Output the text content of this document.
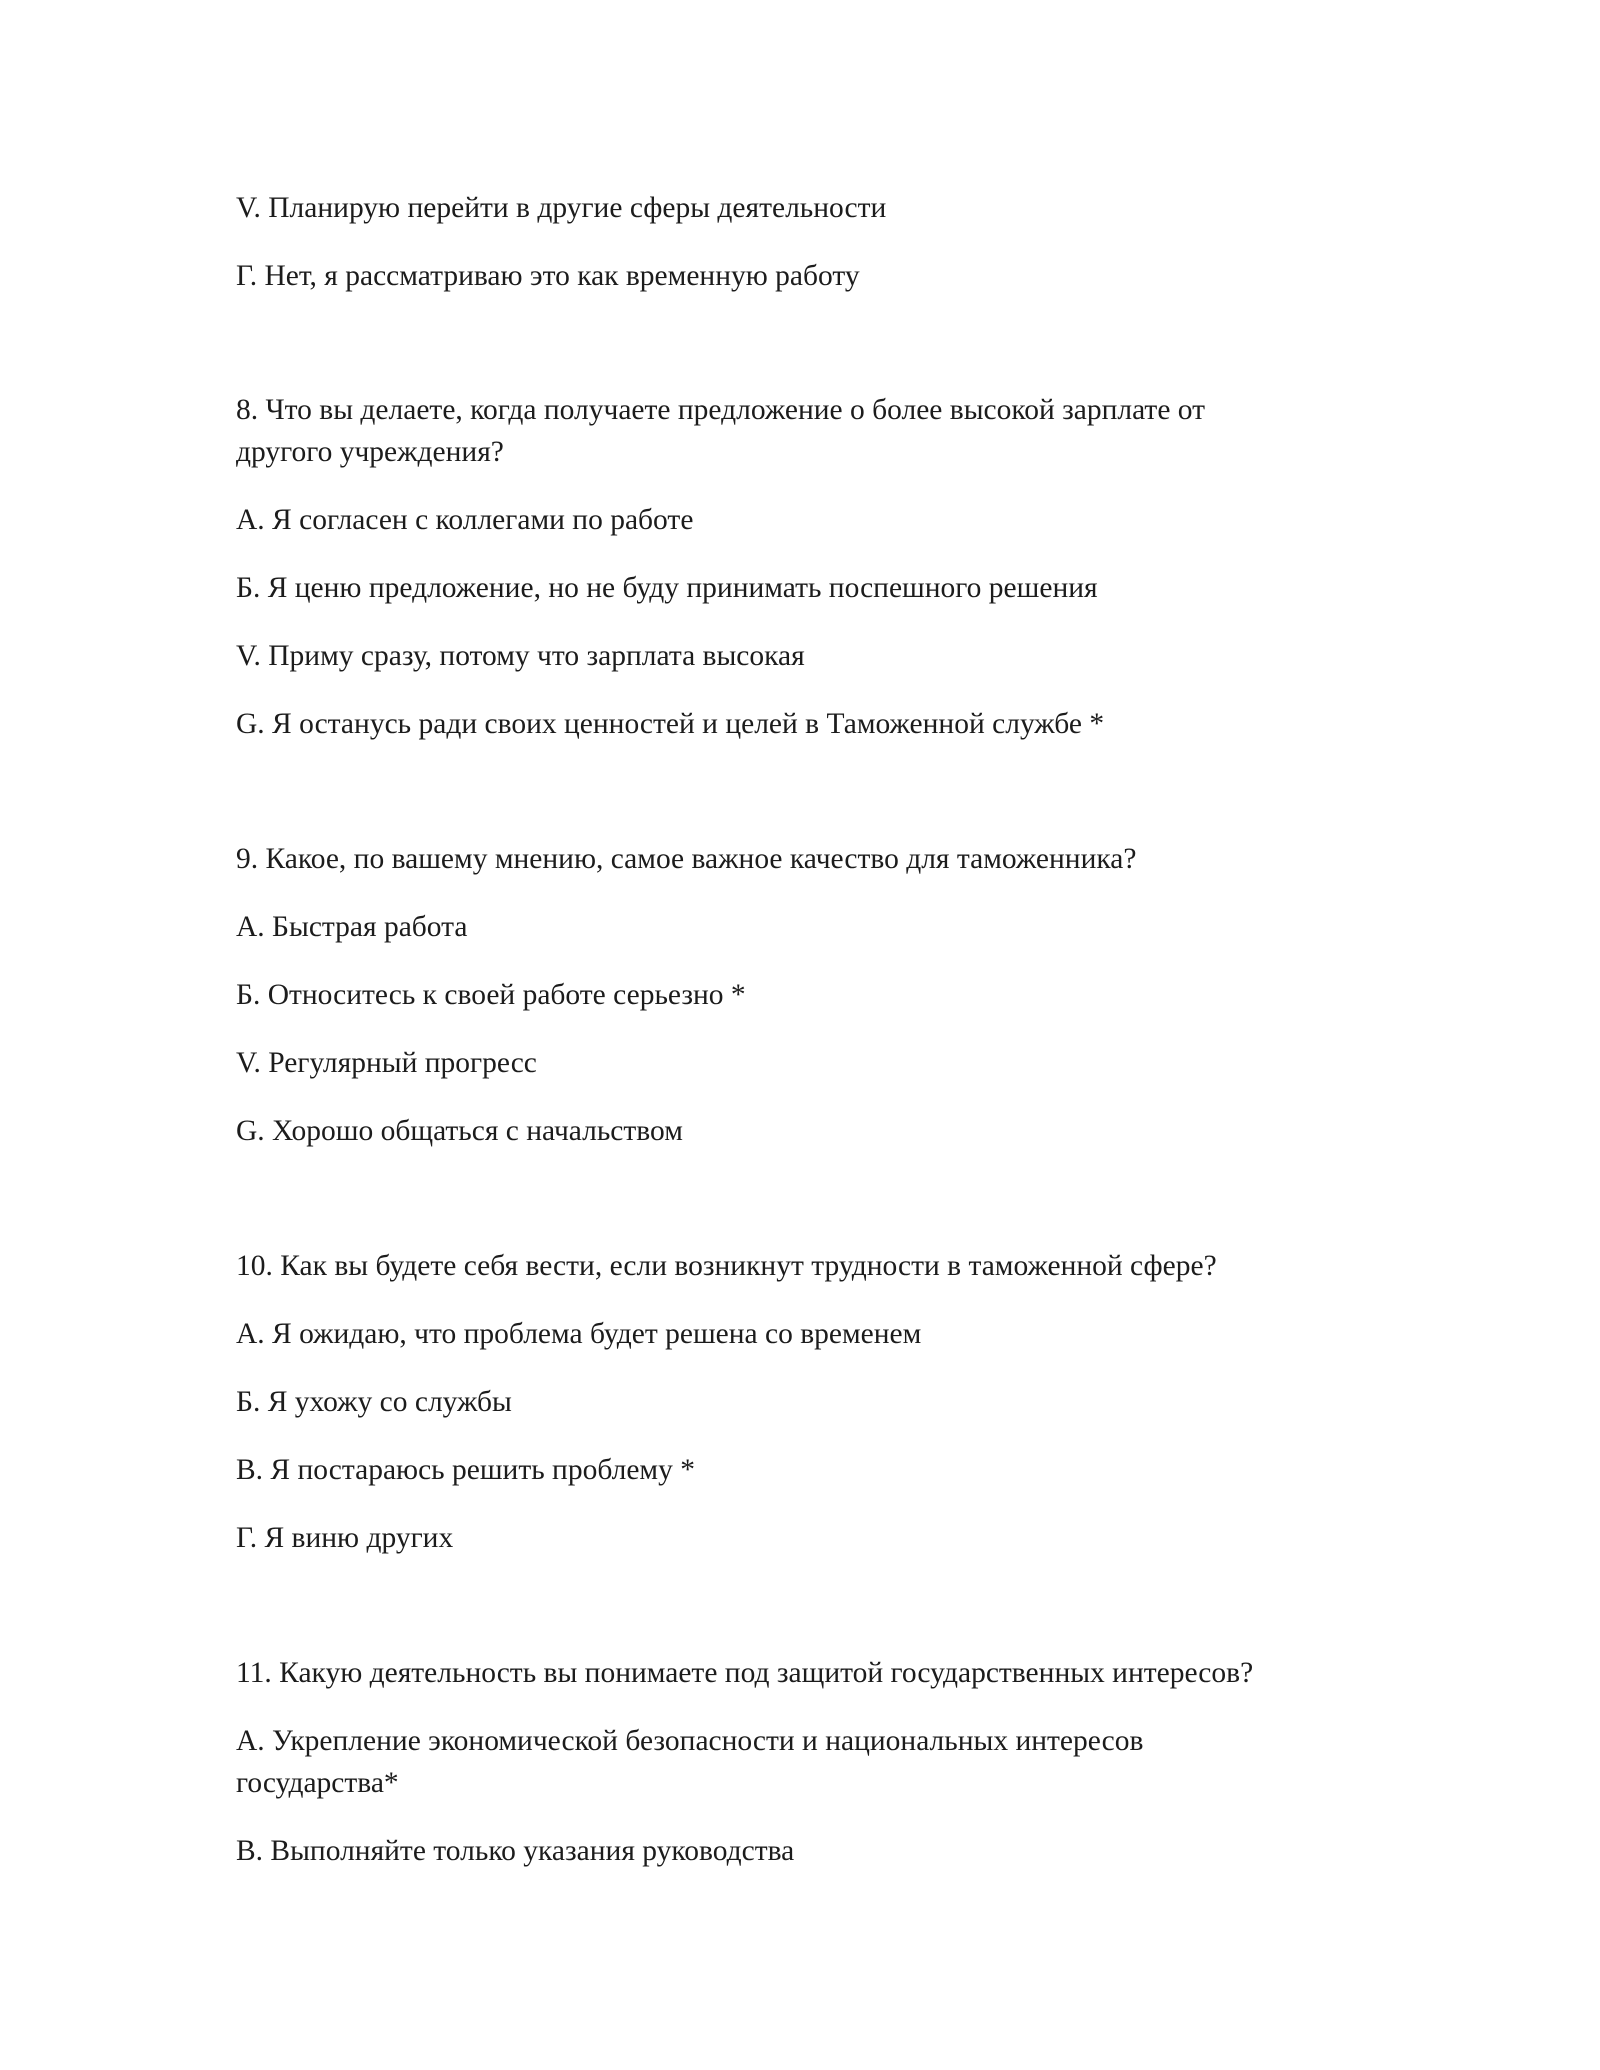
V. Планирую перейти в другие сферы деятельности
Г. Нет, я рассматриваю это как временную работу
8. Что вы делаете, когда получаете предложение о более высокой зарплате от
другого учреждения?
А. Я согласен с коллегами по работе
Б. Я ценю предложение, но не буду принимать поспешного решения
V. Приму сразу, потому что зарплата высокая
G. Я останусь ради своих ценностей и целей в Таможенной службе *
9. Какое, по вашему мнению, самое важное качество для таможенника?
А. Быстрая работа
Б. Относитесь к своей работе серьезно *
V. Регулярный прогресс
G. Хорошо общаться с начальством
10. Как вы будете себя вести, если возникнут трудности в таможенной сфере?
А. Я ожидаю, что проблема будет решена со временем
Б. Я ухожу со службы
В. Я постараюсь решить проблему *
Г. Я виню других
11. Какую деятельность вы понимаете под защитой государственных интересов?
А. Укрепление экономической безопасности и национальных интересов
государства*
В. Выполняйте только указания руководства
